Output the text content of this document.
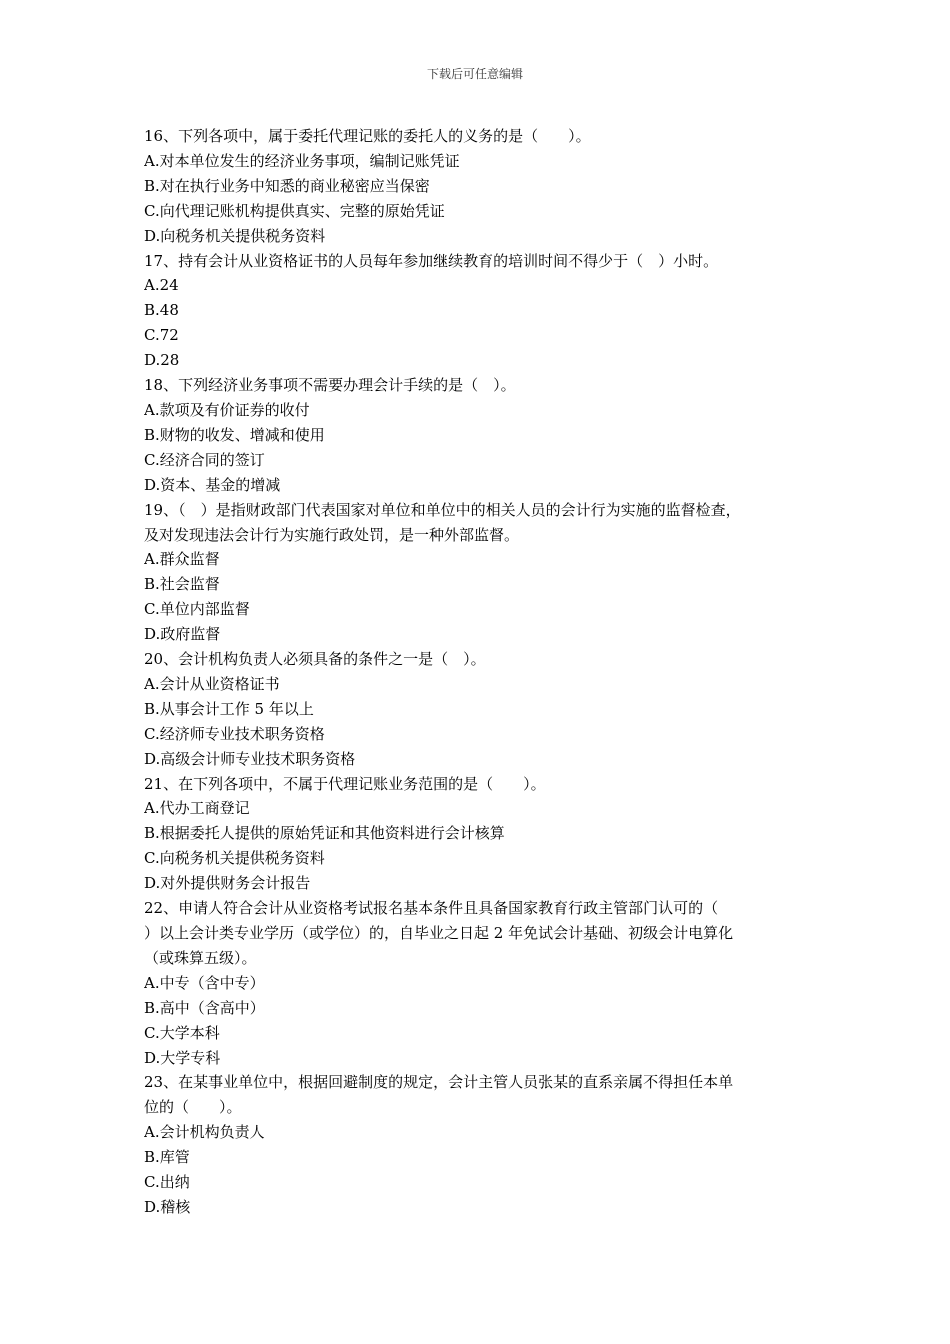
下载后可任意编辑

16、下列各项中，属于委托代理记账的委托人的义务的是（　　）。

A.对本单位发生的经济业务事项，编制记账凭证

B.对在执行业务中知悉的商业秘密应当保密

C.向代理记账机构提供真实、完整的原始凭证

D.向税务机关提供税务资料

17、持有会计从业资格证书的人员每年参加继续教育的培训时间不得少于（　）小时。

A.24

B.48

C.72

D.28

18、下列经济业务事项不需要办理会计手续的是（　）。

A.款项及有价证券的收付

B.财物的收发、增减和使用

C.经济合同的签订

D.资本、基金的增减

19、（　）是指财政部门代表国家对单位和单位中的相关人员的会计行为实施的监督检查，

及对发现违法会计行为实施行政处罚，是一种外部监督。

A.群众监督

B.社会监督

C.单位内部监督

D.政府监督

20、会计机构负责人必须具备的条件之一是（　）。

A.会计从业资格证书

B.从事会计工作 5 年以上

C.经济师专业技术职务资格

D.高级会计师专业技术职务资格

21、在下列各项中，不属于代理记账业务范围的是（　　）。

A.代办工商登记

B.根据委托人提供的原始凭证和其他资料进行会计核算

C.向税务机关提供税务资料

D.对外提供财务会计报告

22、申请人符合会计从业资格考试报名基本条件且具备国家教育行政主管部门认可的（

）以上会计类专业学历（或学位）的，自毕业之日起 2 年免试会计基础、初级会计电算化

（或珠算五级）。

A.中专（含中专）

B.高中（含高中）

C.大学本科

D.大学专科

23、在某事业单位中，根据回避制度的规定，会计主管人员张某的直系亲属不得担任本单

位的（　　）。

A.会计机构负责人

B.库管

C.出纳

D.稽核
